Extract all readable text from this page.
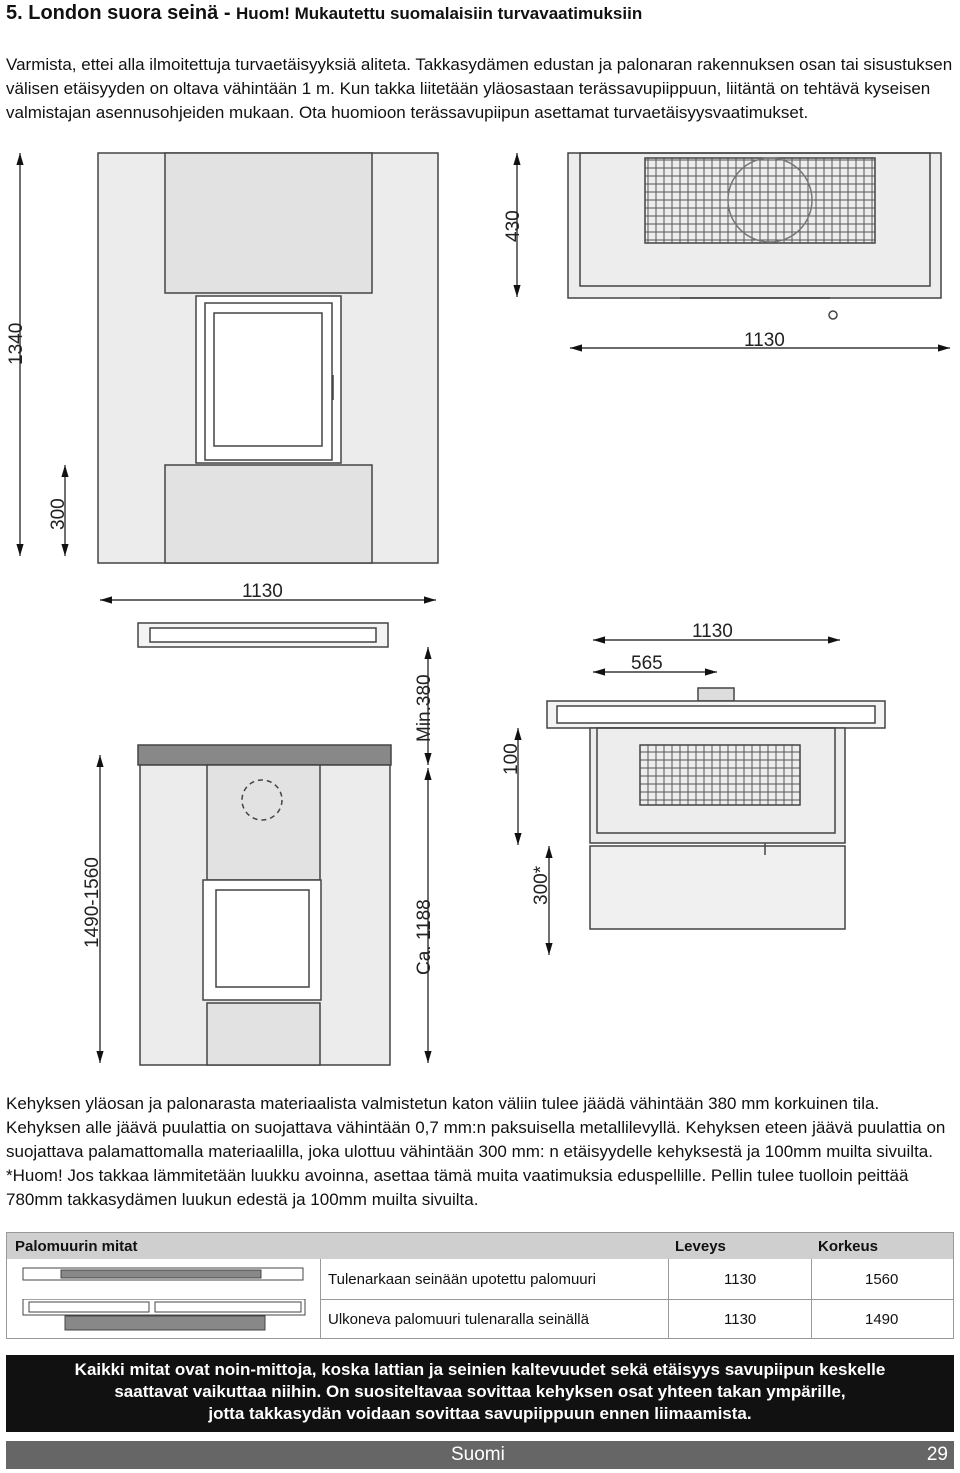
5. London suora seinä - Huom! Mukautettu suomalaisiin turvavaatimuksiin
Varmista, ettei alla ilmoitettuja turvaetäisyyksiä aliteta. Takkasydämen edustan ja palonaran rakennuksen osan tai sisustuksen välisen etäisyyden on oltava vähintään 1 m. Kun takka liitetään yläosastaan terässavupiippuun, liitäntä on tehtävä kyseisen valmistajan asennusohjeiden mukaan. Ota huomioon terässavupiipun asettamat turvaetäisyysvaatimukset.
1340
300
1130
430
1130
Min.380
Ca. 1188
1490-1560
1130
565
100
300*
Kehyksen yläosan ja palonarasta materiaalista valmistetun katon väliin tulee jäädä vähintään 380 mm korkuinen tila. Kehyksen alle jäävä puulattia on suojattava vähintään 0,7 mm:n paksuisella metallilevyllä. Kehyksen eteen jäävä puulattia on suojattava palamattomalla materiaalilla, joka ulottuu vähintään 300 mm: n etäisyydelle kehyksestä ja 100mm muilta sivuilta. *Huom! Jos takkaa lämmitetään luukku avoinna, asettaa tämä muita vaatimuksia eduspellille. Pellin tulee tuolloin peittää 780mm takkasydämen luukun edestä ja 100mm muilta sivuilta.
Palomuurin mitat	Leveys	Korkeus
Tulenarkaan seinään upotettu palomuuri	1130	1560
Ulkoneva palomuuri tulenaralla seinällä	1130	1490
Kaikki mitat ovat noin-mittoja, koska lattian ja seinien kaltevuudet sekä etäisyys savupiipun keskelle
saattavat vaikuttaa niihin. On suositeltavaa sovittaa kehyksen osat yhteen takan ympärille,
jotta takkasydän voidaan sovittaa savupiippuun ennen liimaamista.
Suomi	29
